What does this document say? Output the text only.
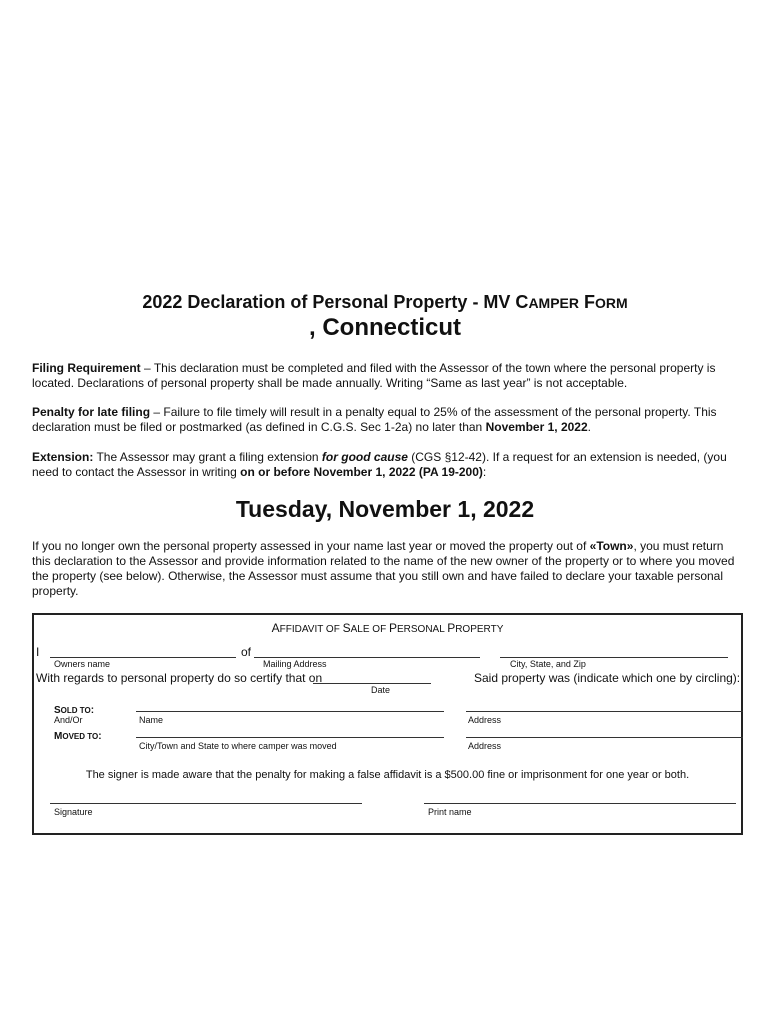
2022 Declaration of Personal Property - MV CAMPER FORM
, Connecticut
Filing Requirement – This declaration must be completed and filed with the Assessor of the town where the personal property is located. Declarations of personal property shall be made annually. Writing “Same as last year” is not acceptable.
Penalty for late filing – Failure to file timely will result in a penalty equal to 25% of the assessment of the personal property. This declaration must be filed or postmarked (as defined in C.G.S. Sec 1-2a) no later than November 1, 2022.
Extension: The Assessor may grant a filing extension for good cause (CGS §12-42). If a request for an extension is needed, (you need to contact the Assessor in writing on or before November 1, 2022 (PA 19-200):
Tuesday, November 1, 2022
If you no longer own the personal property assessed in your name last year or moved the property out of «Town», you must return this declaration to the Assessor and provide information related to the name of the new owner of the property or to where you moved the property (see below). Otherwise, the Assessor must assume that you still own and have failed to declare your taxable personal property.
AFFIDAVIT OF SALE OF PERSONAL PROPERTY
I	of
Owners name	Mailing Address	City, State, and Zip
With regards to personal property do so certify that on
Date
Said property was (indicate which one by circling):
SOLD TO:
And/Or	Name	Address
MOVED TO:
City/Town and State to where camper was moved	Address
The signer is made aware that the penalty for making a false affidavit is a $500.00 fine or imprisonment for one year or both.
Signature	Print name
